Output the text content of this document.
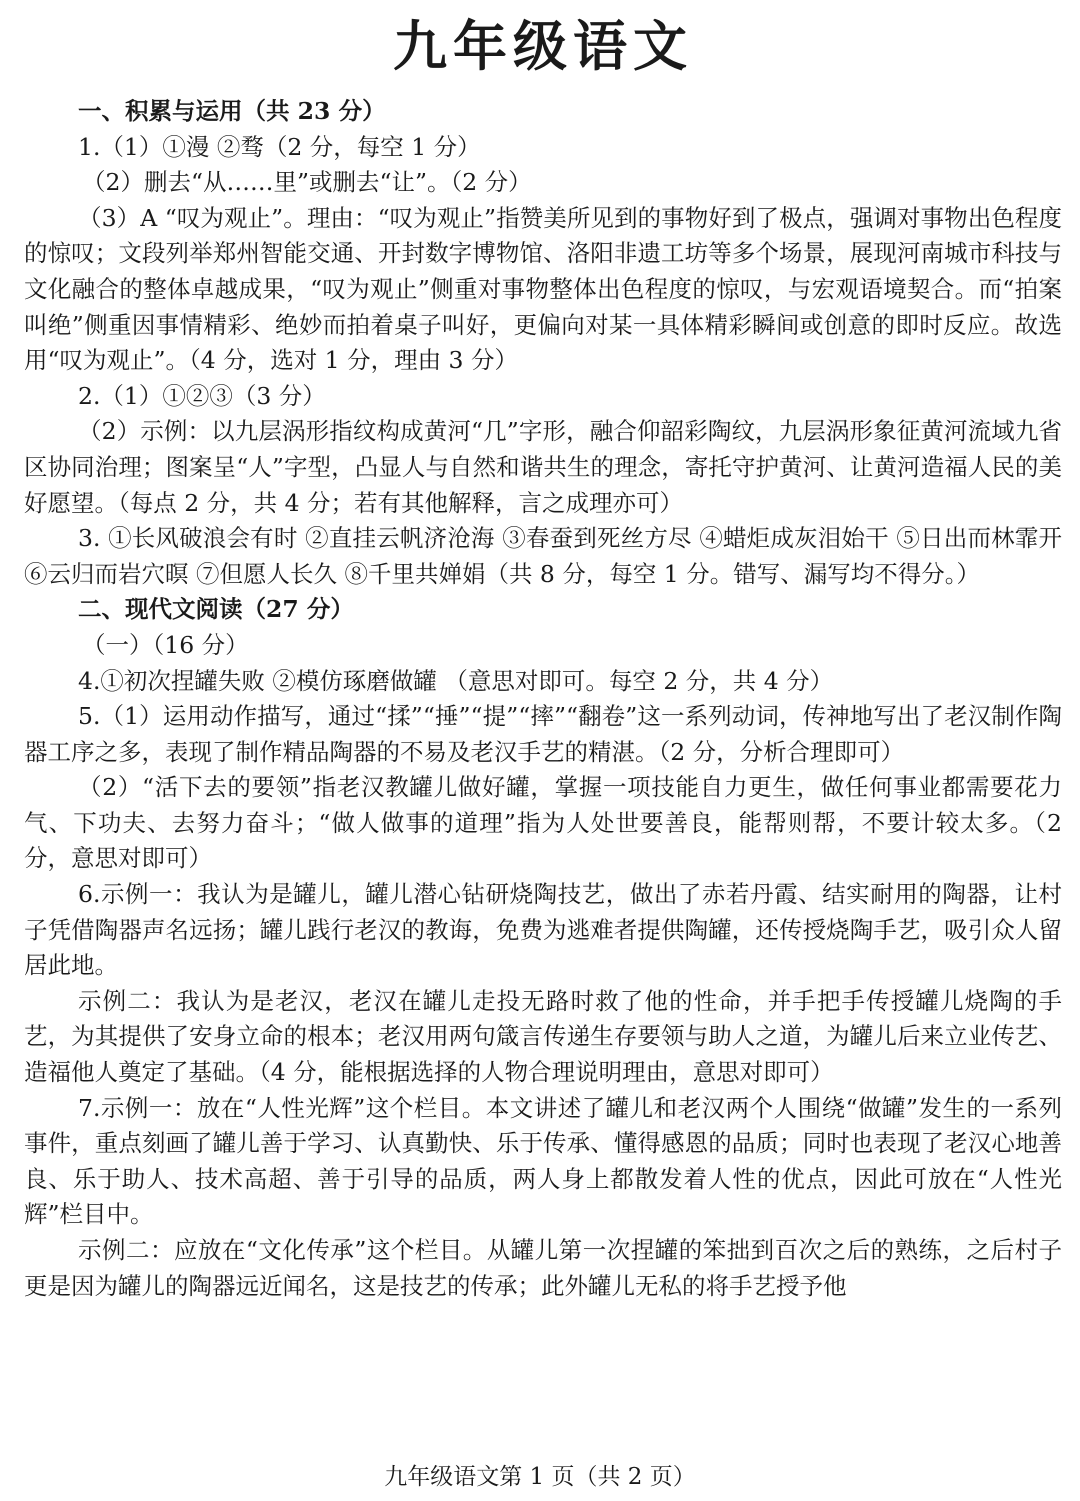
九年级语文

一、积累与运用（共 23 分）

1.（1）①漫 ②骛（2 分，每空 1 分）

（2）删去“从……里”或删去“让”。（2 分）

（3）A “叹为观止”。理由：“叹为观止”指赞美所见到的事物好到了极点，强调对事物出色程度的惊叹；文段列举郑州智能交通、开封数字博物馆、洛阳非遗工坊等多个场景，展现河南城市科技与文化融合的整体卓越成果，“叹为观止”侧重对事物整体出色程度的惊叹，与宏观语境契合。而“拍案叫绝”侧重因事情精彩、绝妙而拍着桌子叫好，更偏向对某一具体精彩瞬间或创意的即时反应。故选用“叹为观止”。（4 分，选对 1 分，理由 3 分）

2.（1）①②③（3 分）

（2）示例：以九层涡形指纹构成黄河“几”字形，融合仰韶彩陶纹，九层涡形象征黄河流域九省区协同治理；图案呈“人”字型，凸显人与自然和谐共生的理念，寄托守护黄河、让黄河造福人民的美好愿望。（每点 2 分，共 4 分；若有其他解释，言之成理亦可）

3. ①长风破浪会有时 ②直挂云帆济沧海 ③春蚕到死丝方尽 ④蜡炬成灰泪始干 ⑤日出而林霏开 ⑥云归而岩穴暝 ⑦但愿人长久 ⑧千里共婵娟（共 8 分，每空 1 分。错写、漏写均不得分。）

二、现代文阅读（27 分）

（一）（16 分）

4.①初次捏罐失败 ②模仿琢磨做罐 （意思对即可。每空 2 分，共 4 分）

5.（1）运用动作描写，通过“揉”“捶”“提”“摔”“翻卷”这一系列动词，传神地写出了老汉制作陶器工序之多，表现了制作精品陶器的不易及老汉手艺的精湛。（2 分，分析合理即可）

（2）“活下去的要领”指老汉教罐儿做好罐，掌握一项技能自力更生，做任何事业都需要花力气、下功夫、去努力奋斗；“做人做事的道理”指为人处世要善良，能帮则帮，不要计较太多。（2 分，意思对即可）

6.示例一：我认为是罐儿，罐儿潜心钻研烧陶技艺，做出了赤若丹霞、结实耐用的陶器，让村子凭借陶器声名远扬；罐儿践行老汉的教诲，免费为逃难者提供陶罐，还传授烧陶手艺，吸引众人留居此地。

示例二：我认为是老汉，老汉在罐儿走投无路时救了他的性命，并手把手传授罐儿烧陶的手艺，为其提供了安身立命的根本；老汉用两句箴言传递生存要领与助人之道，为罐儿后来立业传艺、造福他人奠定了基础。（4 分，能根据选择的人物合理说明理由，意思对即可）

7.示例一：放在“人性光辉”这个栏目。本文讲述了罐儿和老汉两个人围绕“做罐”发生的一系列事件，重点刻画了罐儿善于学习、认真勤快、乐于传承、懂得感恩的品质；同时也表现了老汉心地善良、乐于助人、技术高超、善于引导的品质，两人身上都散发着人性的优点，因此可放在“人性光辉”栏目中。

示例二：应放在“文化传承”这个栏目。从罐儿第一次捏罐的笨拙到百次之后的熟练，之后村子更是因为罐儿的陶器远近闻名，这是技艺的传承；此外罐儿无私的将手艺授予他

九年级语文第 1 页（共 2 页）
